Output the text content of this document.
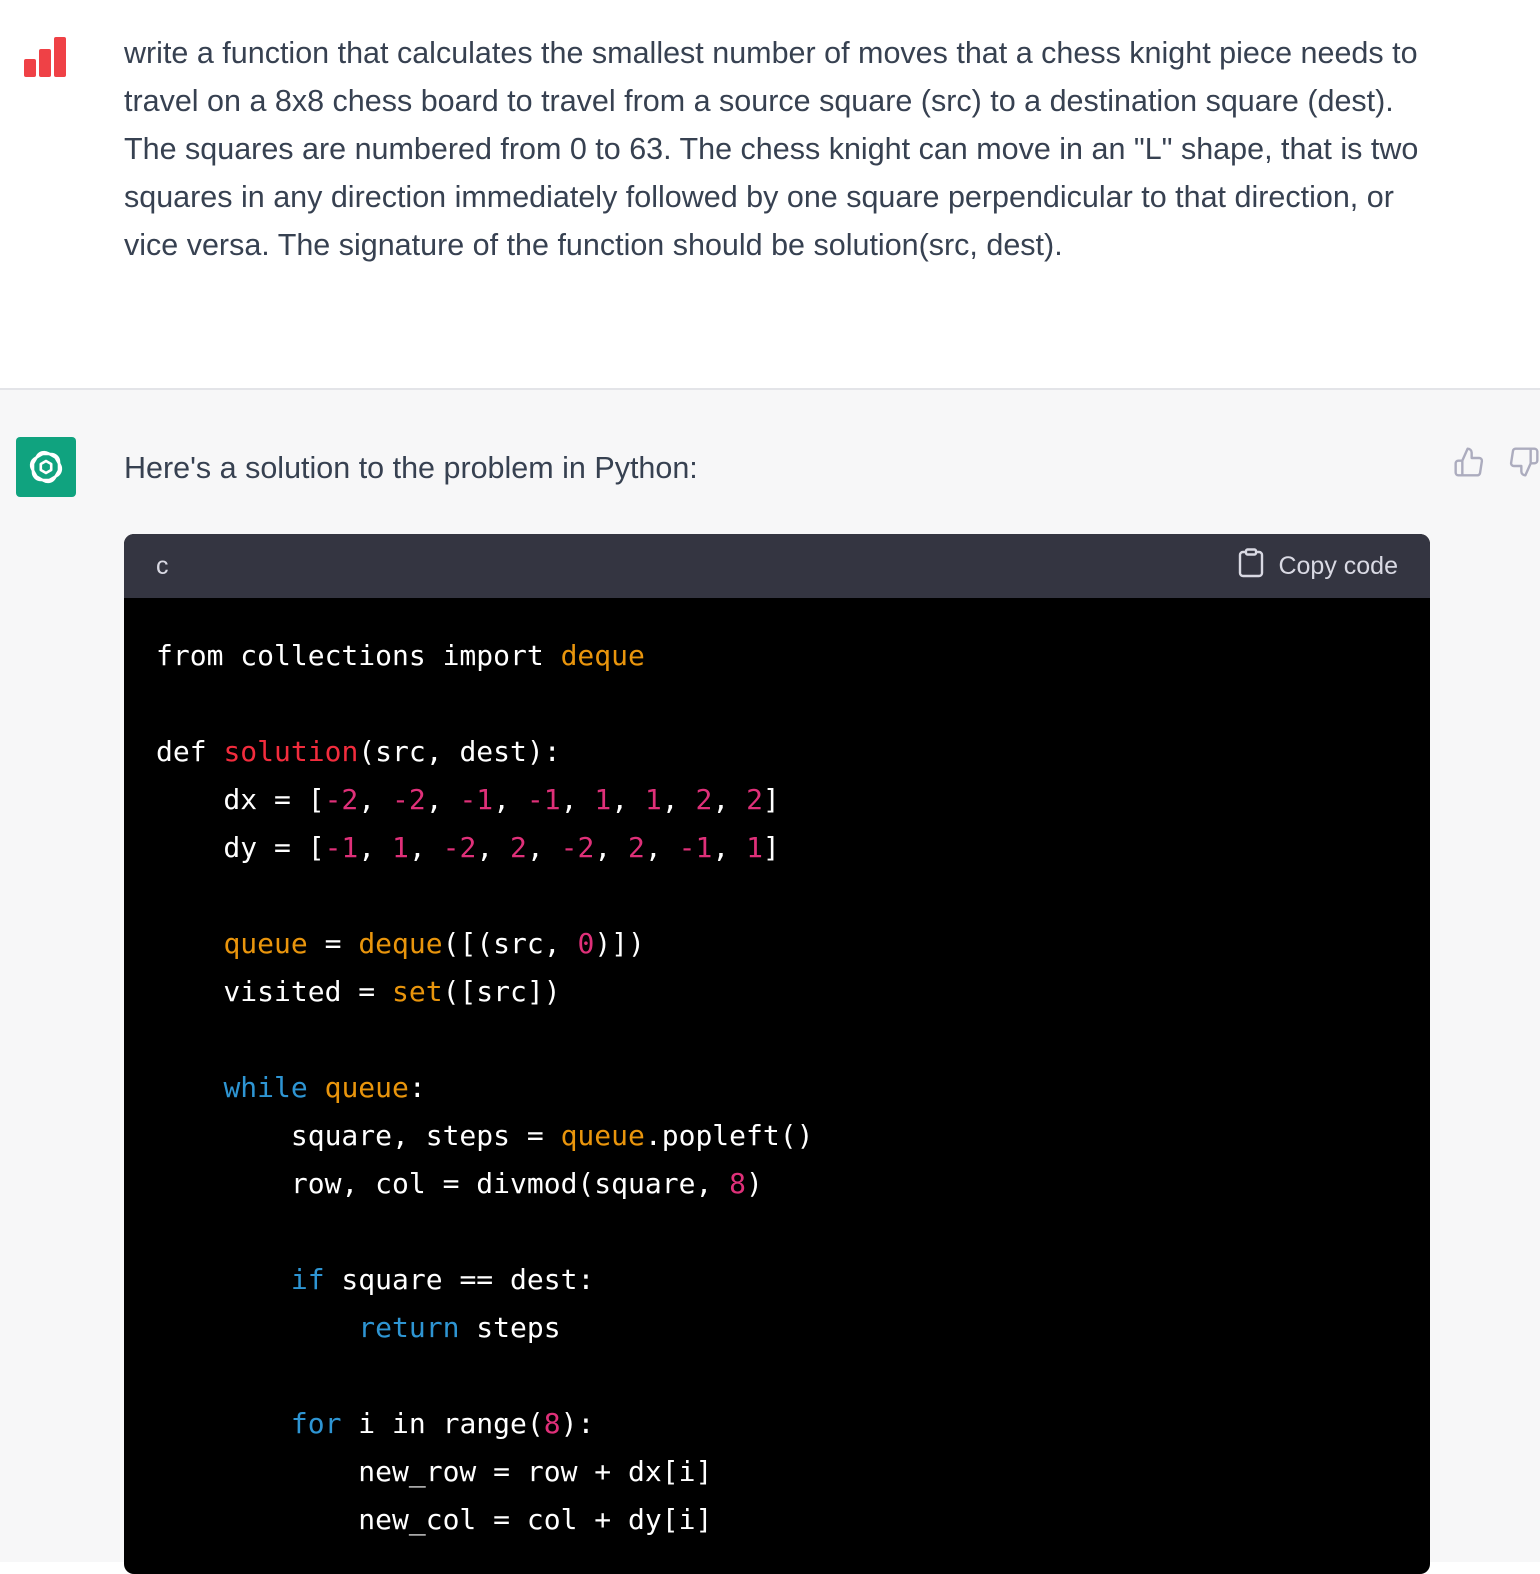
write a function that calculates the smallest number of moves that a chess knight piece needs to travel on a 8x8 chess board to travel from a source square (src) to a destination square (dest). The squares are numbered from 0 to 63. The chess knight can move in an "L" shape, that is two squares in any direction immediately followed by one square perpendicular to that direction, or vice versa. The signature of the function should be solution(src, dest).

Here's a solution to the problem in Python:

c	Copy code
from collections import deque
def solution(src, dest):
dx = [-2, -2, -1, -1, 1, 1, 2, 2]
dy = [-1, 1, -2, 2, -2, 2, -1, 1]
queue = deque([(src, 0)])
visited = set([src])
while queue:
square, steps = queue.popleft()
row, col = divmod(square, 8)
if square == dest:
return steps
for i in range(8):
new_row = row + dx[i]
new_col = col + dy[i]
